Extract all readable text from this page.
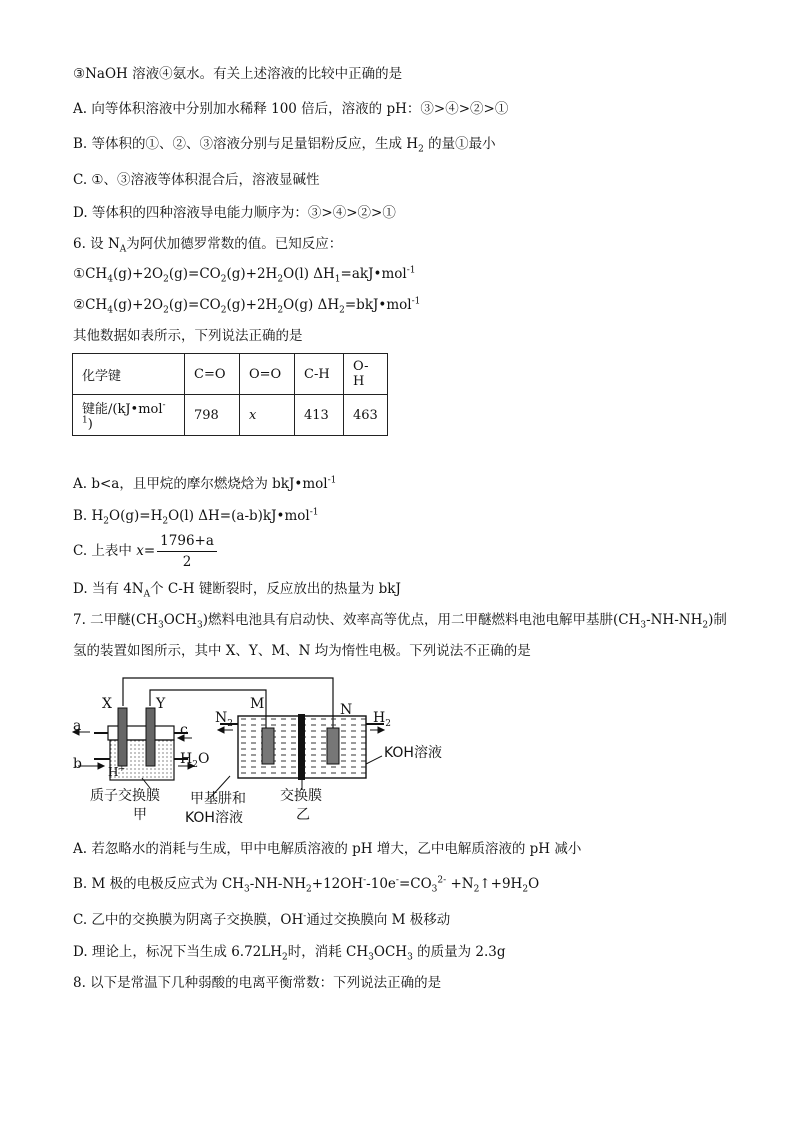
③NaOH 溶液④氨水。有关上述溶液的比较中正确的是
A. 向等体积溶液中分别加水稀释 100 倍后，溶液的 pH：③>④>②>①
B. 等体积的①、②、③溶液分别与足量铝粉反应，生成 $H_2$ 的量①最小
C. ①、③溶液等体积混合后，溶液显碱性
D. 等体积的四种溶液导电能力顺序为：③>④>②>①
6. 设 $N_A$为阿伏加德罗常数的值。已知反应：
$①CH_4(g)+2O_2(g)=CO_2(g)+2H_2O(l)$ $\Delta H_1=akJ•mol^{-1}$
$②CH_4(g)+2O_2(g)=CO_2(g)+2H_2O(g)$ $\Delta H_2=bkJ•mol^{-1}$
其他数据如表所示，下列说法正确的是
化学键	C=O	O=O	C-H	O-H
键能/(kJ•mol$^{-1}$)	798	x	413	463
A. b<a，且甲烷的摩尔燃烧焓为 bkJ•mol$^{-1}$
B. $H_2O(g)=H_2O(l)$ ΔH=(a-b)kJ•mol$^{-1}$
C. 上表中 $x= \frac{1796+a}{2}$
D. 当有 $4N_A$个 C-H 键断裂时，反应放出的热量为 bkJ
7. 二甲醚$(CH_3OCH_3)$燃料电池具有启动快、效率高等优点，用二甲醚燃料电池电解甲基肼$(CH_3-NH-NH_2)$制
氢的装置如图所示，其中 X、Y、M、N 均为惰性电极。下列说法不正确的是
X	Y	M	N
a
b
c
$N_2$	$H_2$
$H_2O$
H+
KOH溶液
质子交换膜
甲
甲基肼和
KOH溶液
交换膜
乙
A. 若忽略水的消耗与生成，甲中电解质溶液的 pH 增大，乙中电解质溶液的 pH 减小
B. M 极的电极反应式为 $CH_3-NH-NH_2+12OH^--10e^-=CO_3^{2-}$ $+N_2↑+9H_2O$
C. 乙中的交换膜为阴离子交换膜，OH-通过交换膜向 M 极移动
D. 理论上，标况下当生成 $6.72LH_2$时，消耗 $CH_3OCH_3$ 的质量为 2.3g
8. 以下是常温下几种弱酸的电离平衡常数：下列说法正确的是
